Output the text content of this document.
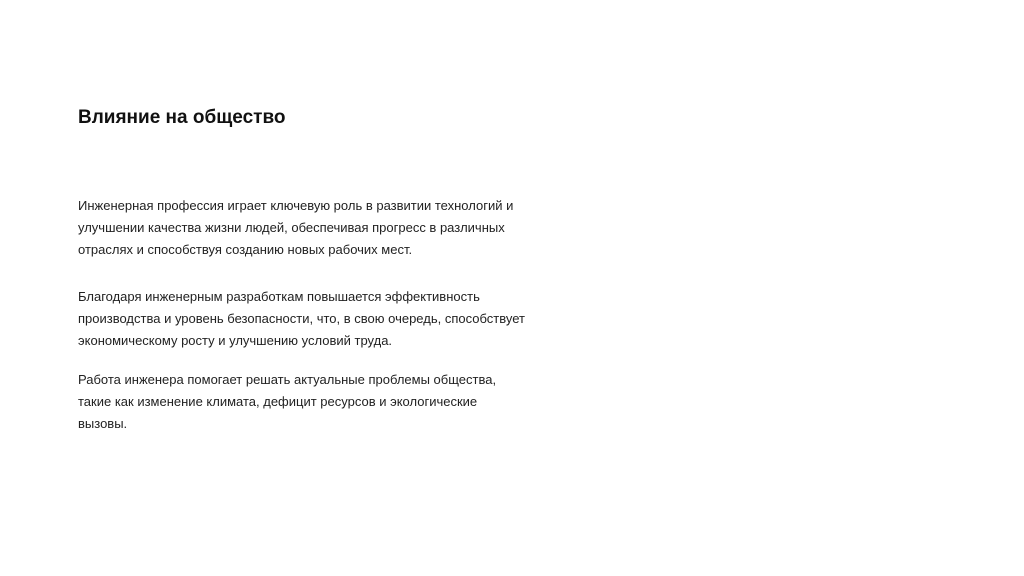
Влияние на общество

Инженерная профессия играет ключевую роль в развитии технологий и
улучшении качества жизни людей, обеспечивая прогресс в различных
отраслях и способствуя созданию новых рабочих мест.

Благодаря инженерным разработкам повышается эффективность
производства и уровень безопасности, что, в свою очередь, способствует
экономическому росту и улучшению условий труда.

Работа инженера помогает решать актуальные проблемы общества,
такие как изменение климата, дефицит ресурсов и экологические
вызовы.
